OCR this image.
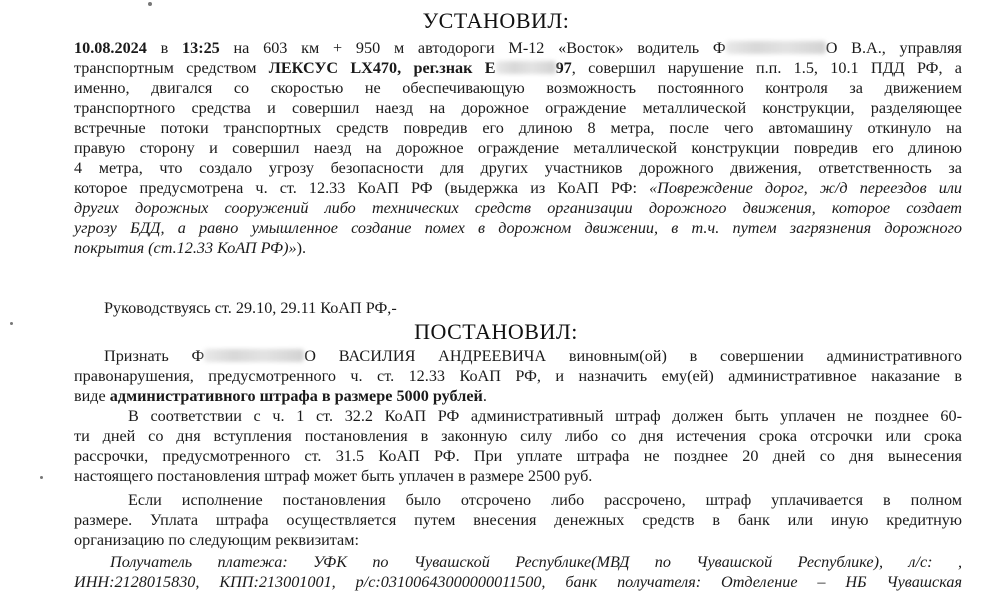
УСТАНОВИЛ:
10.08.2024 в 13:25 на 603 км + 950 м автодороги М-12 «Восток» водитель Ф	О В.А., управляя
транспортным средством ЛЕКСУС LX470, рег.знак Е	97, совершил нарушение п.п. 1.5, 10.1 ПДД РФ, а
именно, двигался со скоростью не обеспечивающую возможность постоянного контроля за движением
транспортного средства и совершил наезд на дорожное ограждение металлической конструкции, разделяющее
встречные потоки транспортных средств повредив его длиною 8 метра, после чего автомашину откинуло на
правую сторону и совершил наезд на дорожное ограждение металлической конструкции повредив его длиною
4 метра, что создало угрозу безопасности для других участников дорожного движения, ответственность за
которое предусмотрена ч. ст. 12.33 КоАП РФ (выдержка из КоАП РФ: «Повреждение дорог, ж/д переездов или
других дорожных сооружений либо технических средств организации дорожного движения, которое создает
угрозу БДД, а равно умышленное создание помех в дорожном движении, в т.ч. путем загрязнения дорожного
покрытия (ст.12.33 КоАП РФ)»).
Руководствуясь ст. 29.10, 29.11 КоАП РФ,-
ПОСТАНОВИЛ:
Признать Ф	О ВАСИЛИЯ АНДРЕЕВИЧА виновным(ой) в совершении административного
правонарушения, предусмотренного ч. ст. 12.33 КоАП РФ, и назначить ему(ей) административное наказание в
виде административного штрафа в размере 5000 рублей.
В соответствии с ч. 1 ст. 32.2 КоАП РФ административный штраф должен быть уплачен не позднее 60-
ти дней со дня вступления постановления в законную силу либо со дня истечения срока отсрочки или срока
рассрочки, предусмотренного ст. 31.5 КоАП РФ. При уплате штрафа не позднее 20 дней со дня вынесения
настоящего постановления штраф может быть уплачен в размере 2500 руб.
Если исполнение постановления было отсрочено либо рассрочено, штраф уплачивается в полном
размере. Уплата штрафа осуществляется путем внесения денежных средств в банк или иную кредитную
организацию по следующим реквизитам:
Получатель платежа: УФК по Чувашской Республике(МВД по Чувашской Республике), л/с: ,
ИНН:2128015830, КПП:213001001, р/с:03100643000000011500, банк получателя: Отделение – НБ Чувашская
